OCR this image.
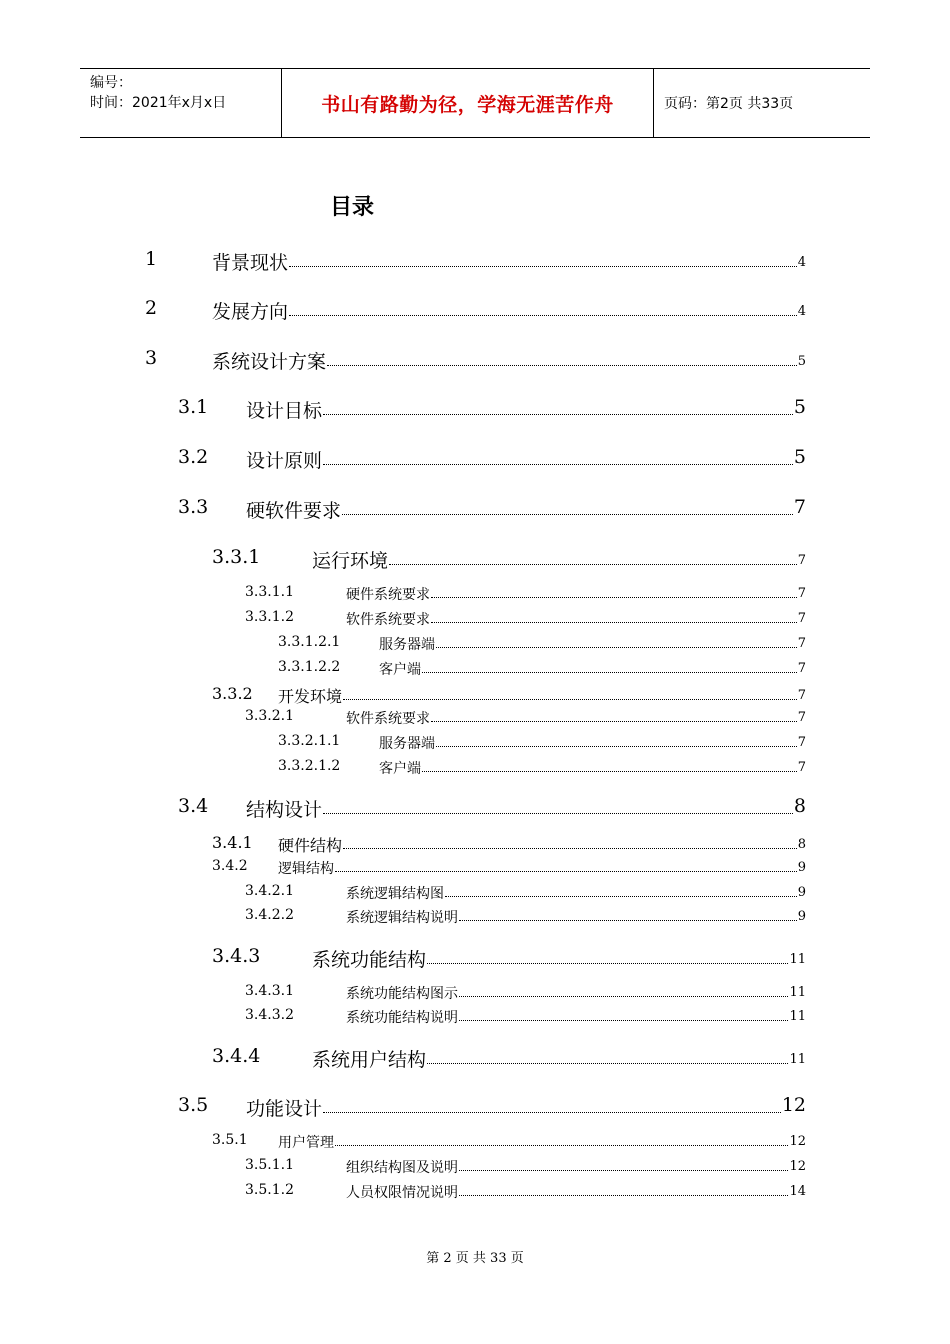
编号：
时间：2021年x月x日	书山有路勤为径，学海无涯苦作舟	页码：第2页 共33页
目录
1	背景现状	4
2	发展方向	4
3	系统设计方案	5
3.1 设计目标	5
3.2 设计原则	5
3.3 硬软件要求	7
3.3.1	运行环境	7
3.3.1.1	硬件系统要求	7
3.3.1.2	软件系统要求	7
3.3.1.2.1	服务器端	7
3.3.1.2.2	客户端	7
3.3.2 开发环境	7
3.3.2.1	软件系统要求	7
3.3.2.1.1	服务器端	7
3.3.2.1.2	客户端	7
3.4 结构设计	8
3.4.1 硬件结构	8
3.4.2 逻辑结构	9
3.4.2.1	系统逻辑结构图	9
3.4.2.2	系统逻辑结构说明	9
3.4.3	系统功能结构	11
3.4.3.1	系统功能结构图示	11
3.4.3.2	系统功能结构说明	11
3.4.4	系统用户结构	11
3.5 功能设计	12
3.5.1 用户管理	12
3.5.1.1	组织结构图及说明	12
3.5.1.2	人员权限情况说明	14
第 2 页 共 33 页
